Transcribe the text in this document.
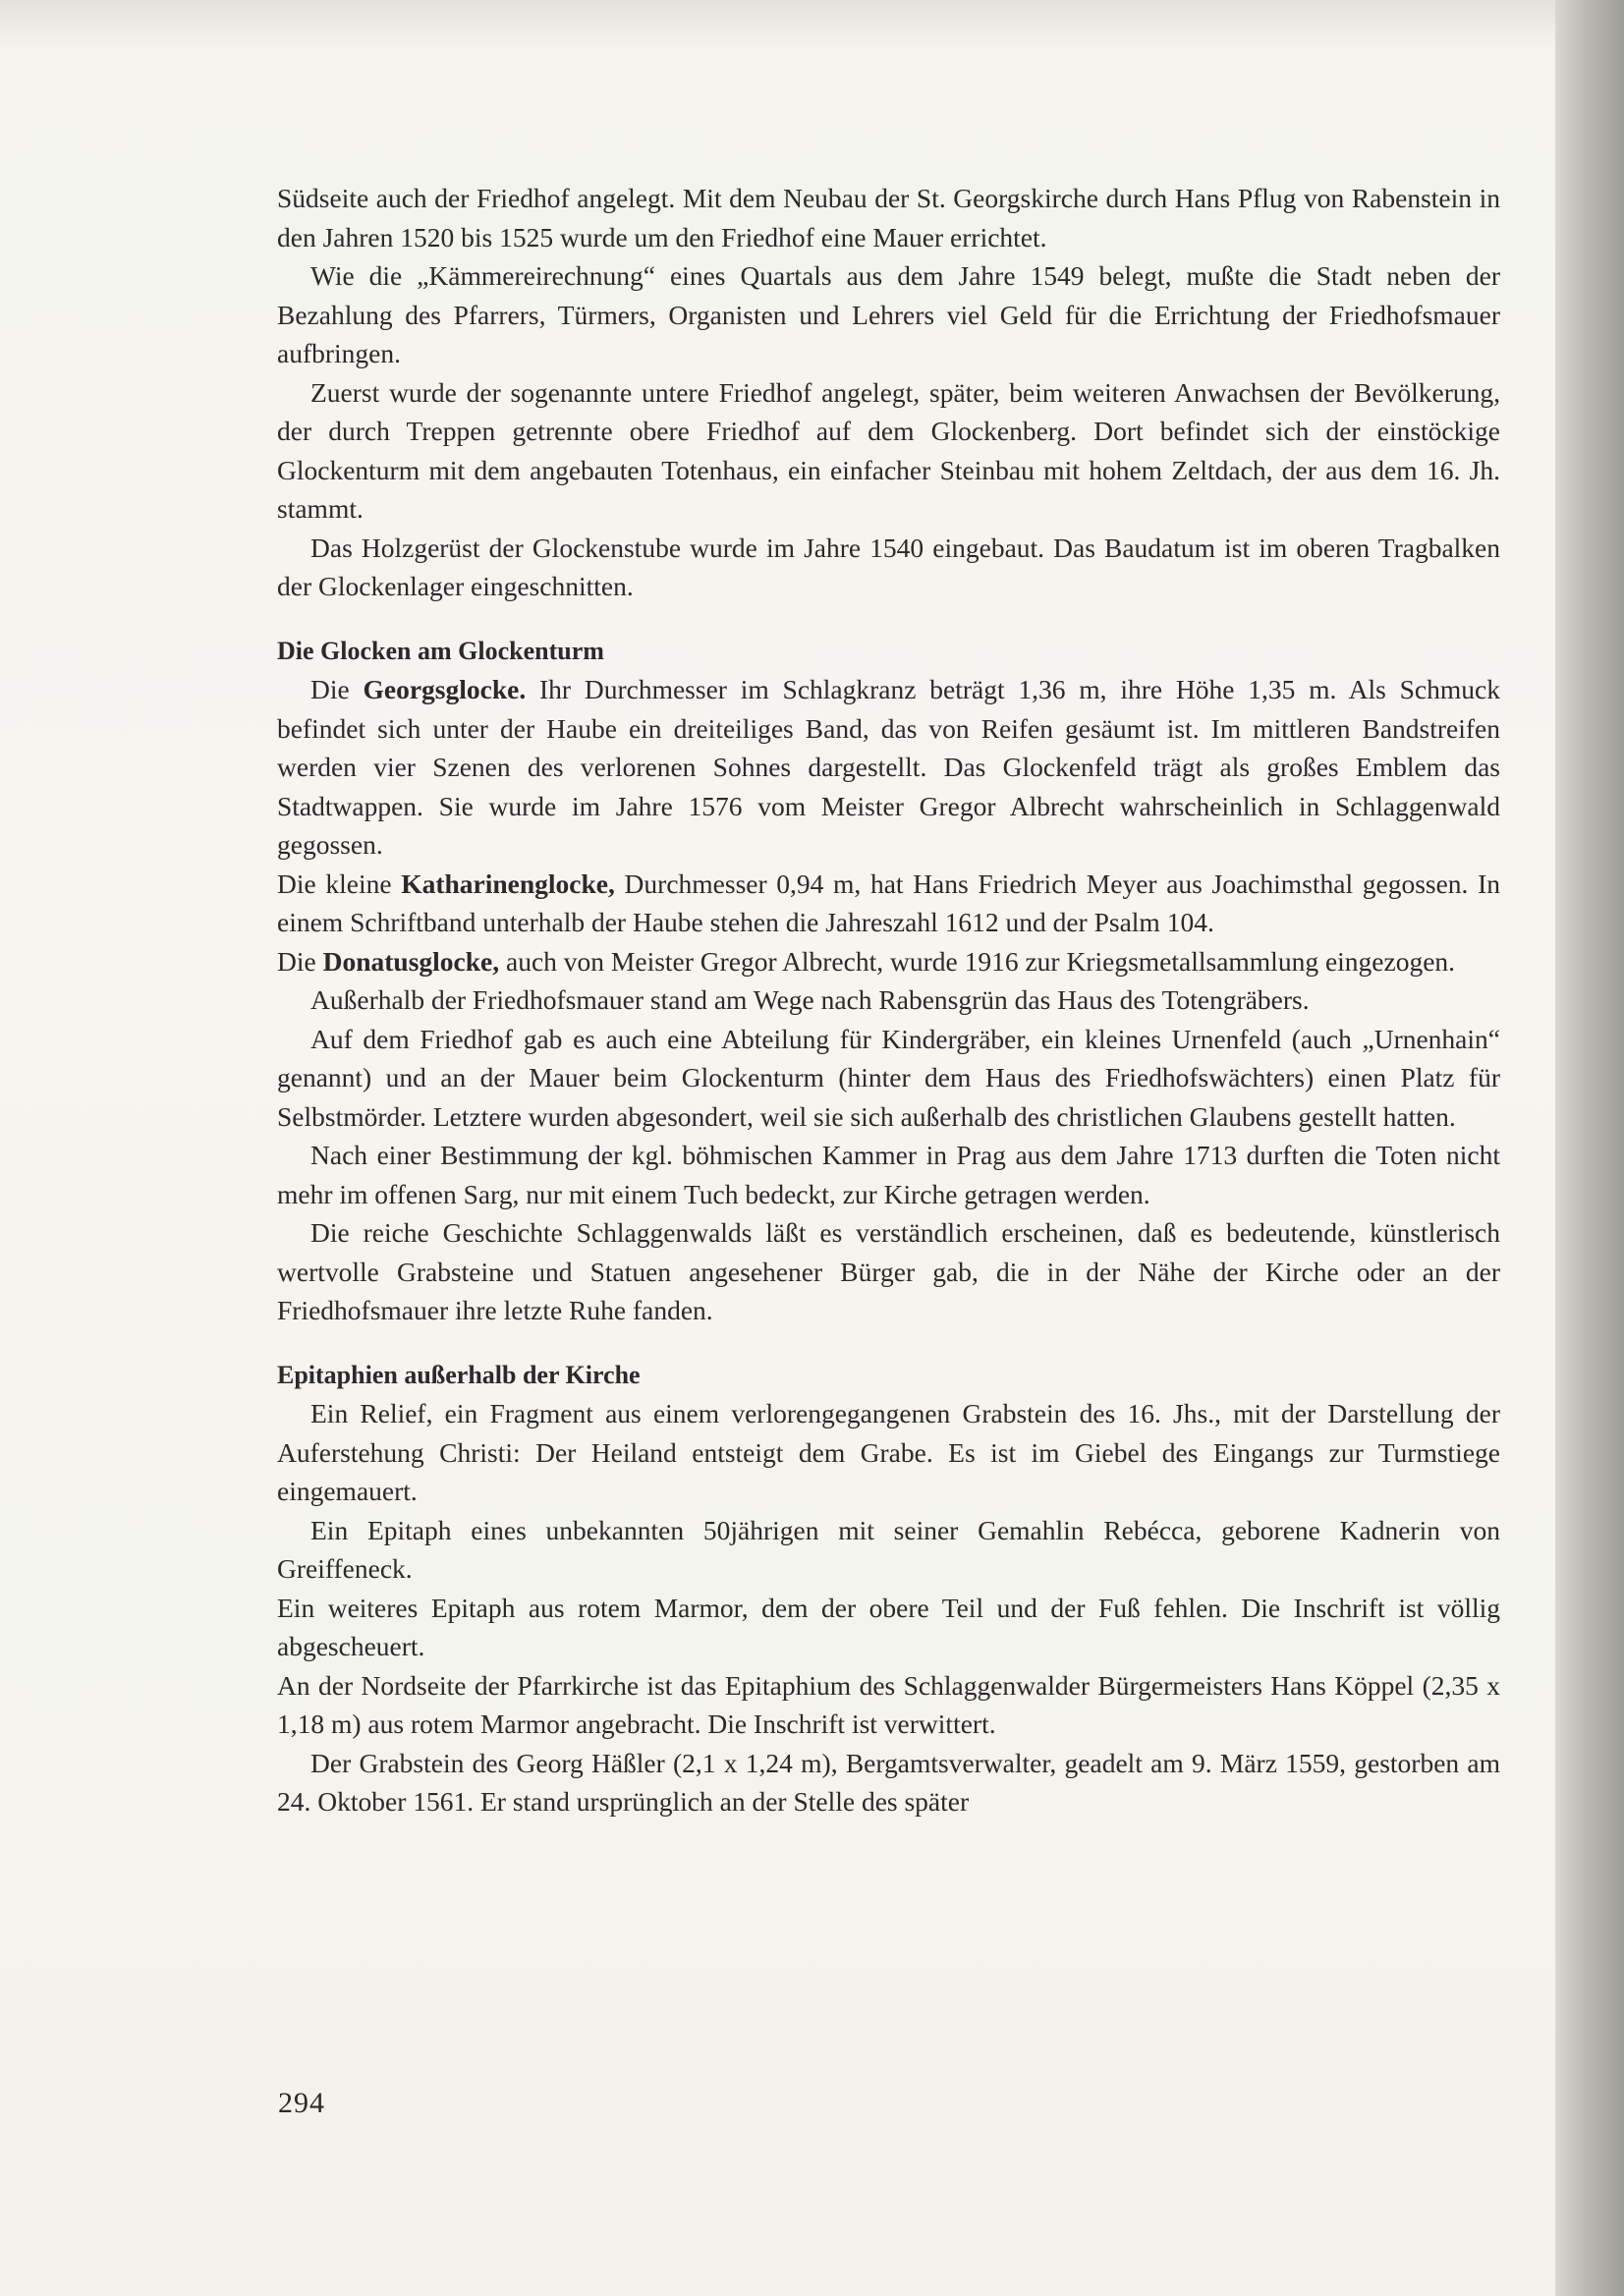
Südseite auch der Friedhof angelegt. Mit dem Neubau der St. Georgskirche durch Hans Pflug von Rabenstein in den Jahren 1520 bis 1525 wurde um den Friedhof eine Mauer errichtet.

Wie die „Kämmereirechnung“ eines Quartals aus dem Jahre 1549 belegt, mußte die Stadt neben der Bezahlung des Pfarrers, Türmers, Organisten und Lehrers viel Geld für die Errichtung der Friedhofsmauer aufbringen.

Zuerst wurde der sogenannte untere Friedhof angelegt, später, beim weiteren Anwachsen der Bevölkerung, der durch Treppen getrennte obere Friedhof auf dem Glockenberg. Dort befindet sich der einstöckige Glockenturm mit dem angebauten Totenhaus, ein einfacher Steinbau mit hohem Zeltdach, der aus dem 16. Jh. stammt.

Das Holzgerüst der Glockenstube wurde im Jahre 1540 eingebaut. Das Baudatum ist im oberen Tragbalken der Glockenlager eingeschnitten.

Die Glocken am Glockenturm

Die Georgsglocke. Ihr Durchmesser im Schlagkranz beträgt 1,36 m, ihre Höhe 1,35 m. Als Schmuck befindet sich unter der Haube ein dreiteiliges Band, das von Reifen gesäumt ist. Im mittleren Bandstreifen werden vier Szenen des verlorenen Sohnes dargestellt. Das Glockenfeld trägt als großes Emblem das Stadtwappen. Sie wurde im Jahre 1576 vom Meister Gregor Albrecht wahrscheinlich in Schlaggenwald gegossen.

Die kleine Katharinenglocke, Durchmesser 0,94 m, hat Hans Friedrich Meyer aus Joachimsthal gegossen. In einem Schriftband unterhalb der Haube stehen die Jahreszahl 1612 und der Psalm 104.

Die Donatusglocke, auch von Meister Gregor Albrecht, wurde 1916 zur Kriegsmetallsammlung eingezogen.

Außerhalb der Friedhofsmauer stand am Wege nach Rabensgrün das Haus des Totengräbers.

Auf dem Friedhof gab es auch eine Abteilung für Kindergräber, ein kleines Urnenfeld (auch „Urnenhain“ genannt) und an der Mauer beim Glockenturm (hinter dem Haus des Friedhofswächters) einen Platz für Selbstmörder. Letztere wurden abgesondert, weil sie sich außerhalb des christlichen Glaubens gestellt hatten.

Nach einer Bestimmung der kgl. böhmischen Kammer in Prag aus dem Jahre 1713 durften die Toten nicht mehr im offenen Sarg, nur mit einem Tuch bedeckt, zur Kirche getragen werden.

Die reiche Geschichte Schlaggenwalds läßt es verständlich erscheinen, daß es bedeutende, künstlerisch wertvolle Grabsteine und Statuen angesehener Bürger gab, die in der Nähe der Kirche oder an der Friedhofsmauer ihre letzte Ruhe fanden.

Epitaphien außerhalb der Kirche

Ein Relief, ein Fragment aus einem verlorengegangenen Grabstein des 16. Jhs., mit der Darstellung der Auferstehung Christi: Der Heiland entsteigt dem Grabe. Es ist im Giebel des Eingangs zur Turmstiege eingemauert.

Ein Epitaph eines unbekannten 50jährigen mit seiner Gemahlin Rebécca, geborene Kadnerin von Greiffeneck.

Ein weiteres Epitaph aus rotem Marmor, dem der obere Teil und der Fuß fehlen. Die Inschrift ist völlig abgescheuert.

An der Nordseite der Pfarrkirche ist das Epitaphium des Schlaggenwalder Bürgermeisters Hans Köppel (2,35 x 1,18 m) aus rotem Marmor angebracht. Die Inschrift ist verwittert.

Der Grabstein des Georg Häßler (2,1 x 1,24 m), Bergamtsverwalter, geadelt am 9. März 1559, gestorben am 24. Oktober 1561. Er stand ursprünglich an der Stelle des später

294
